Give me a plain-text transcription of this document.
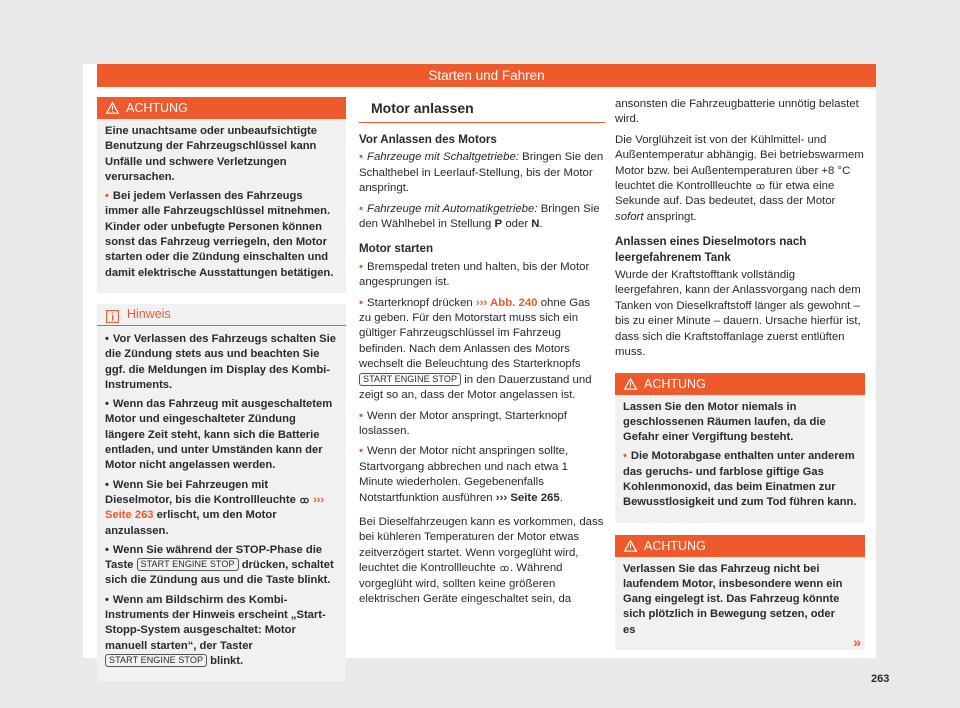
Starten und Fahren
ACHTUNG

Eine unachtsame oder unbeaufsichtigte Benutzung der Fahrzeugschlüssel kann Unfälle und schwere Verletzungen verursachen.

• Bei jedem Verlassen des Fahrzeugs immer alle Fahrzeugschlüssel mitnehmen. Kinder oder unbefugte Personen können sonst das Fahrzeug verriegeln, den Motor starten oder die Zündung einschalten und damit elektrische Ausstattungen betätigen.

Hinweis

• Vor Verlassen des Fahrzeugs schalten Sie die Zündung stets aus und beachten Sie ggf. die Meldungen im Display des Kombi-Instruments.

• Wenn das Fahrzeug mit ausgeschaltetem Motor und eingeschalteter Zündung längere Zeit steht, kann sich die Batterie entladen, und unter Umständen kann der Motor nicht angelassen werden.

• Wenn Sie bei Fahrzeugen mit Dieselmotor, bis die Kontrollleuchte ꝏ ››› Seite 263 erlischt, um den Motor anzulassen.

• Wenn Sie während der STOP-Phase die Taste START ENGINE STOP drücken, schaltet sich die Zündung aus und die Taste blinkt.

• Wenn am Bildschirm des Kombi-Instruments der Hinweis erscheint „Start-Stopp-System ausgeschaltet: Motor manuell starten“, der Taster START ENGINE STOP blinkt.

Motor anlassen
Vor Anlassen des Motors

• Fahrzeuge mit Schaltgetriebe: Bringen Sie den Schalthebel in Leerlauf-Stellung, bis der Motor anspringt.

• Fahrzeuge mit Automatikgetriebe: Bringen Sie den Wählhebel in Stellung P oder N.

Motor starten

• Bremspedal treten und halten, bis der Motor angesprungen ist.

• Starterknopf drücken ››› Abb. 240 ohne Gas zu geben. Für den Motorstart muss sich ein gültiger Fahrzeugschlüssel im Fahrzeug befinden. Nach dem Anlassen des Motors wechselt die Beleuchtung des Starterknopfs START ENGINE STOP in den Dauerzustand und zeigt so an, dass der Motor angelassen ist.

• Wenn der Motor anspringt, Starterknopf loslassen.

• Wenn der Motor nicht anspringen sollte, Startvorgang abbrechen und nach etwa 1 Minute wiederholen. Gegebenenfalls Notstartfunktion ausführen ››› Seite 265.

Bei Dieselfahrzeugen kann es vorkommen, dass bei kühleren Temperaturen der Motor etwas zeitverzögert startet. Wenn vorgeglüht wird, leuchtet die Kontrollleuchte ꝏ. Während vorgeglüht wird, sollten keine größeren elektrischen Geräte eingeschaltet sein, da

ansonsten die Fahrzeugbatterie unnötig belastet wird.

Die Vorglühzeit ist von der Kühlmittel- und Außentemperatur abhängig. Bei betriebswarmem Motor bzw. bei Außentemperaturen über +8 °C leuchtet die Kontrollleuchte ꝏ für etwa eine Sekunde auf. Das bedeutet, dass der Motor sofort anspringt.

Anlassen eines Dieselmotors nach leergefahrenem Tank

Wurde der Kraftstofftank vollständig leergefahren, kann der Anlassvorgang nach dem Tanken von Dieselkraftstoff länger als gewohnt – bis zu einer Minute – dauern. Ursache hierfür ist, dass sich die Kraftstoffanlage zuerst entlüften muss.

ACHTUNG

Lassen Sie den Motor niemals in geschlossenen Räumen laufen, da die Gefahr einer Vergiftung besteht.

• Die Motorabgase enthalten unter anderem das geruchs- und farblose giftige Gas Kohlenmonoxid, das beim Einatmen zur Bewusstlosigkeit und zum Tod führen kann.

ACHTUNG

Verlassen Sie das Fahrzeug nicht bei laufendem Motor, insbesondere wenn ein Gang eingelegt ist. Das Fahrzeug könnte sich plötzlich in Bewegung setzen, oder es

»
263
